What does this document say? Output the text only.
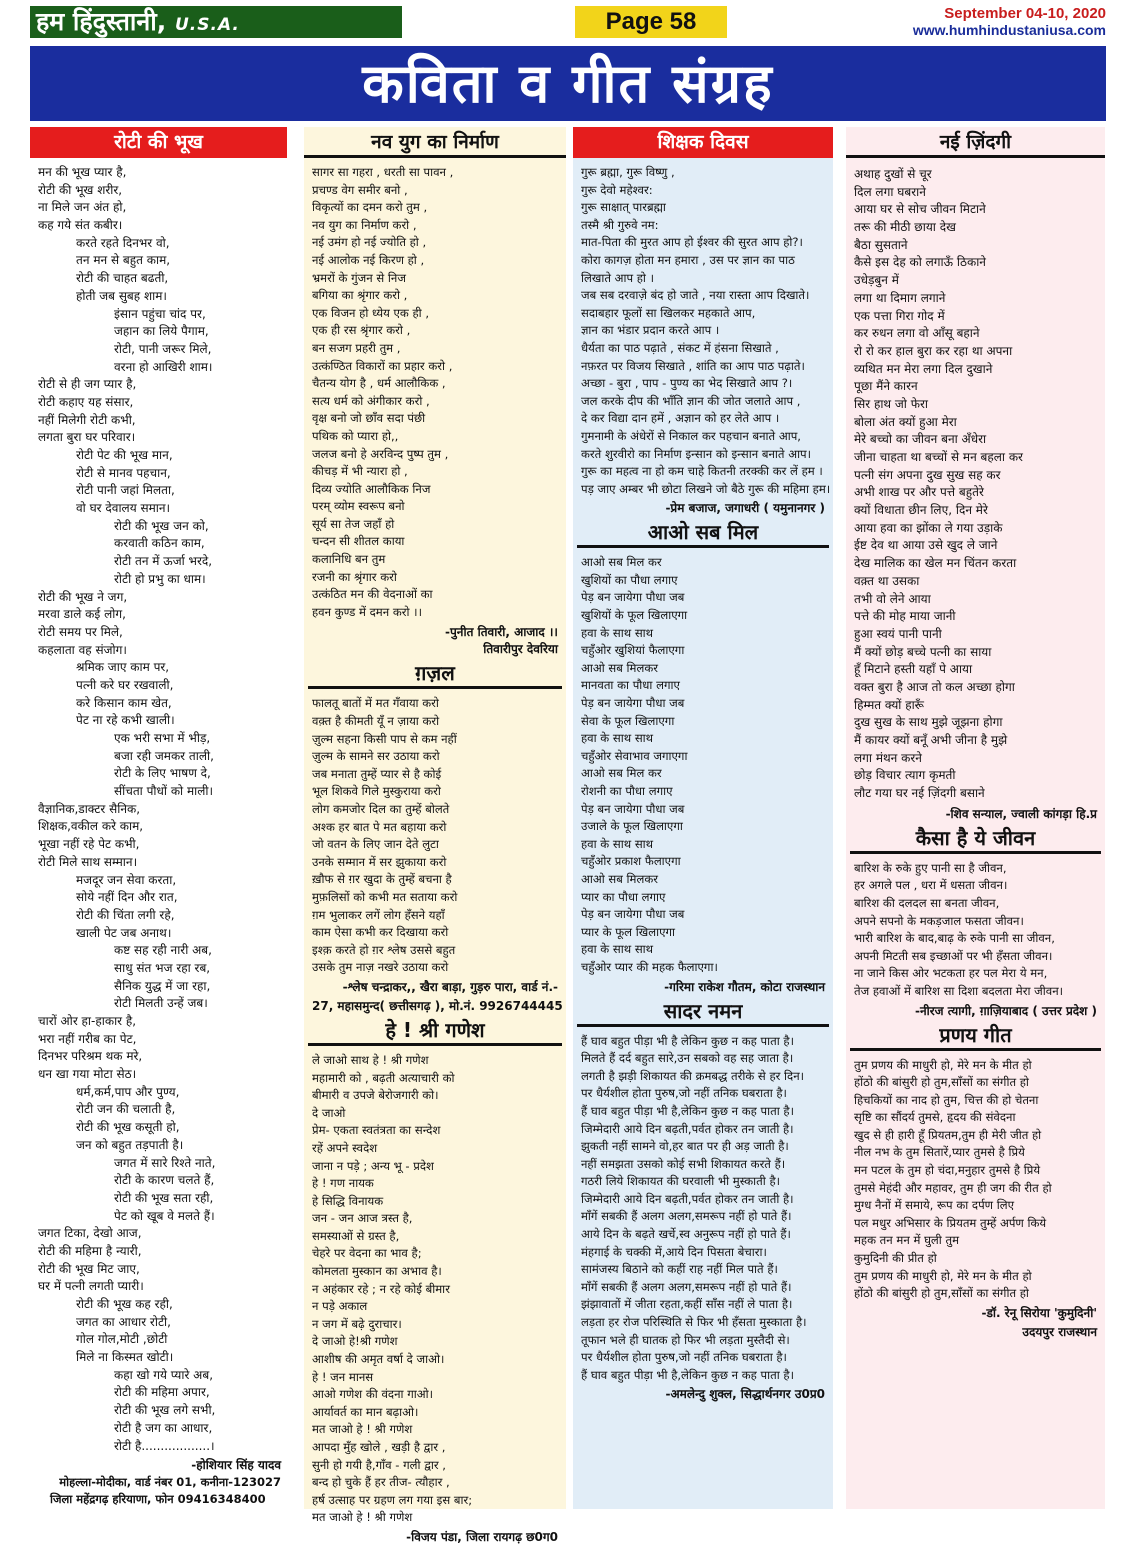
हम हिंदुस्तानी, U.S.A.	Page 58	September 04-10, 2020
www.humhindustaniusa.com
कविता व गीत संग्रह
रोटी की भूख
मन की भूख प्यार है,
रोटी की भूख शरीर,
ना मिले जन अंत हो,
कह गये संत कबीर।
करते रहते दिनभर वो,
तन मन से बहुत काम,
रोटी की चाहत बढती,
होती जब सुबह शाम।
इंसान पहुंचा चांद पर,
जहान का लिये पैगाम,
रोटी, पानी जरूर मिले,
वरना हो आखिरी शाम।
रोटी से ही जग प्यार है,
रोटी कहाए यह संसार,
नहीं मिलेगी रोटी कभी,
लगता बुरा घर परिवार।
रोटी पेट की भूख मान,
रोटी से मानव पहचान,
रोटी पानी जहां मिलता,
वो घर देवालय समान।
रोटी की भूख जन को,
करवाती कठिन काम,
रोटी तन में ऊर्जा भरदे,
रोटी हो प्रभु का धाम।
रोटी की भूख ने जग,
मरवा डाले कई लोग,
रोटी समय पर मिले,
कहलाता वह संजोग।
श्रमिक जाए काम पर,
पत्नी करे घर रखवाली,
करे किसान काम खेत,
पेट ना रहे कभी खाली।
एक भरी सभा में भीड़,
बजा रही जमकर ताली,
रोटी के लिए भाषण दे,
सींचता पौधों को माली।
वैज्ञानिक,डाक्टर सैनिक,
शिक्षक,वकील करे काम,
भूखा नहीं रहे पेट कभी,
रोटी मिले साथ सम्मान।
मजदूर जन सेवा करता,
सोये नहीं दिन और रात,
रोटी की चिंता लगी रहे,
खाली पेट जब अनाथ।
कष्ट सह रही नारी अब,
साधु संत भज रहा रब,
सैनिक युद्ध में जा रहा,
रोटी मिलती उन्हें जब।
चारों ओर हा-हाकार है,
भरा नहीं गरीब का पेट,
दिनभर परिश्रम थक मरे,
धन खा गया मोटा सेठ।
धर्म,कर्म,पाप और पुण्य,
रोटी जन की चलाती है,
रोटी की भूख कसूती हो,
जन को बहुत तड़पाती है।
जगत में सारे रिश्ते नाते,
रोटी के कारण चलते हैं,
रोटी की भूख सता रही,
पेट को खूब वे मलते हैं।
जगत टिका, देखो आज,
रोटी की महिमा है न्यारी,
रोटी की भूख मिट जाए,
घर में पत्नी लगती प्यारी।
रोटी की भूख कह रही,
जगत का आधार रोटी,
गोल गोल,मोटी ,छोटी
मिले ना किस्मत खोटी।
कहा खो गये प्यारे अब,
रोटी की महिमा अपार,
रोटी की भूख लगे सभी,
रोटी है जग का आधार,
रोटी है..................।
-होशियार सिंह यादव
मोहल्ला-मोदीका, वार्ड नंबर 01, कनीना-123027
जिला महेंद्रगढ़ हरियाणा, फोन 09416348400
नव युग का निर्माण
सागर सा गहरा , धरती सा पावन ,
प्रचण्ड वेग समीर बनो ,
विकृत्यों का दमन करो तुम ,
नव युग का निर्माण करो ,
नई उमंग हो नई ज्योति हो ,
नई आलोक नई किरण हो ,
भ्रमरों के गुंजन से निज
बगिया का श्रृंगार करो ,
एक विजन हो ध्येय एक ही ,
एक ही रस श्रृंगार करो ,
बन सजग प्रहरी तुम ,
उत्कंण्ठित विकारों का प्रहार करो ,
चैतन्य योग है , धर्म आलौकिक ,
सत्य धर्म को अंगीकार करो ,
वृक्ष बनो जो छाँव सदा पंछी
पथिक को प्यारा हो,,
जलज बनो हे अरविन्द पुष्प तुम ,
कीचड़ में भी न्यारा हो ,
दिव्य ज्योति आलौकिक निज
परम् व्योम स्वरूप बनो
सूर्य सा तेज जहाँ हो
चन्दन सी शीतल काया
कलानिधि बन तुम
रजनी का श्रृंगार करो
उत्कंठित मन की वेदनाओं का
हवन कुण्ड में दमन करो ।।
-पुनीत तिवारी, आजाद ।।
तिवारीपुर देवरिया
ग़ज़ल
फालतू बातों में मत गँवाया करो
वक़्त है कीमती यूँ न ज़ाया करो
ज़ुल्म सहना किसी पाप से कम नहीं
ज़ुल्म के सामने सर उठाया करो
जब मनाता तुम्हें प्यार से है कोई
भूल शिकवे गिले मुस्कुराया करो
लोग कमजोर दिल का तुम्हें बोलते
अश्क हर बात पे मत बहाया करो
जो वतन के लिए जान देते लुटा
उनके सम्मान में सर झुकाया करो
ख़ौफ से ग़र खुदा के तुम्हें बचना है
मुफ़लिसों को कभी मत सताया करो
ग़म भुलाकर लगें लोग हँसने यहाँ
काम ऐसा कभी कर दिखाया करो
इश्क़ करते हो ग़र श्लेष उससे बहुत
उसके तुम नाज़ नखरे उठाया करो
-श्लेष चन्द्राकर,, खैरा बाड़ा, गुड़रु पारा, वार्ड नं.-
27, महासमुन्द( छत्तीसगढ़ ), मो.नं. 9926744445
हे ! श्री गणेश
ले जाओ साथ हे ! श्री गणेश
महामारी को , बढ़ती अत्याचारी को
बीमारी व उपजे बेरोजगारी को।
दे जाओ
प्रेम- एकता स्वतंत्रता का सन्देश
रहें अपने स्वदेश
जाना न पड़े ; अन्य भू - प्रदेश
हे ! गण नायक
हे सिद्धि विनायक
जन - जन आज त्रस्त है,
समस्याओं से ग्रस्त है,
चेहरे पर वेदना का भाव है;
कोमलता मुस्कान का अभाव है।
न अहंकार रहे ; न रहे कोई बीमार
न पड़े अकाल
न जग में बढ़े दुराचार।
दे जाओ हे!श्री गणेश
आशीष की अमृत वर्षा दे जाओ।
हे ! जन मानस
आओ गणेश की वंदना गाओ।
आर्यावर्त का मान बढ़ाओ।
मत जाओ हे ! श्री गणेश
आपदा मुँह खोले , खड़ी है द्वार ,
सुनी हो गयी है,गाँव - गली द्वार ,
बन्द हो चुके हैं हर तीज- त्यौहार ,
हर्ष उत्साह पर ग्रहण लग गया इस बार;
मत जाओ हे ! श्री गणेश
-विजय पंडा, जिला रायगढ़ छ0ग0
शिक्षक दिवस
गुरू ब्रह्मा, गुरू विष्णु ,
गुरू देवो महेश्वर:
गुरू साक्षात् पारब्रह्मा
तस्मै श्री गुरुवे नम:
मात-पिता की मुरत आप हो ईश्वर की सुरत आप हो?।
कोरा कागज़ होता मन हमारा , उस पर ज्ञान का पाठ
लिखाते आप हो ।
जब सब दरवाज़े बंद हो जाते , नया रास्ता आप दिखाते।
सदाबहार फूलों सा खिलकर महकाते आप,
ज्ञान का भंडार प्रदान करते आप ।
धैर्यता का पाठ पढ़ाते , संकट में हंसना सिखाते ,
नफ़रत पर विजय सिखाते , शांति का आप पाठ पढ़ाते।
अच्छा - बुरा , पाप - पुण्य का भेद सिखाते आप ?।
जल करके दीप की भाँति ज्ञान की जोत जलाते आप ,
दे कर विद्या दान हमें , अज्ञान को हर लेते आप ।
गुमनामी के अंधेरों से निकाल कर पहचान बनाते आप,
करते शुरवीरो का निर्माण इन्सान को इन्सान बनाते आप।
गुरू का महत्व ना हो कम चाहे कितनी तरक्की कर लें हम ।
पड़ जाए अम्बर भी छोटा लिखने जो बैठे गुरू की महिमा हम।
-प्रेम बजाज, जगाधरी ( यमुनानगर )
आओ सब मिल
आओ सब मिल कर
खुशियों का पौधा लगाए
पेड़ बन जायेगा पौधा जब
खुशियों के फूल खिलाएगा
हवा के साथ साथ
चहुँओर खुशियां फैलाएगा
आओ सब मिलकर
मानवता का पौधा लगाए
पेड़ बन जायेगा पौधा जब
सेवा के फूल खिलाएगा
हवा के साथ साथ
चहुँओर सेवाभाव जगाएगा
आओ सब मिल कर
रोशनी का पौधा लगाए
पेड़ बन जायेगा पौधा जब
उजाले के फूल खिलाएगा
हवा के साथ साथ
चहुँओर प्रकाश फैलाएगा
आओ सब मिलकर
प्यार का पौधा लगाए
पेड़ बन जायेगा पौधा जब
प्यार के फूल खिलाएगा
हवा के साथ साथ
चहुँओर प्यार की महक फैलाएगा।
-गरिमा राकेश गौतम, कोटा राजस्थान
सादर नमन
हैं घाव बहुत पीड़ा भी है लेकिन कुछ न कह पाता है।
मिलते हैं दर्द बहुत सारे,उन सबको वह सह जाता है।
लगती है झड़ी शिकायत की क्रमबद्ध तरीके से हर दिन।
पर धैर्यशील होता पुरुष,जो नहीं तनिक घबराता है।
हैं घाव बहुत पीड़ा भी है,लेकिन कुछ न कह पाता है।
जिम्मेदारी आये दिन बढ़ती,पर्वत होकर तन जाती है।
झुकती नहीं सामने वो,हर बात पर ही अड़ जाती है।
नहीं समझता उसको कोई सभी शिकायत करते हैं।
गठरी लिये शिकायत की घरवाली भी मुस्काती है।
जिम्मेदारी आये दिन बढ़ती,पर्वत होकर तन जाती है।
माँगें सबकी हैं अलग अलग,समरूप नहीं हो पाते हैं।
आये दिन के बढ़ते खर्चे,स्व अनुरूप नहीं हो पाते हैं।
मंहगाई के चक्की में,आये दिन पिसता बेचारा।
सामंजस्य बिठाने को कहीं राह नहीं मिल पाते हैं।
माँगें सबकी हैं अलग अलग,समरूप नहीं हो पाते हैं।
झंझावातों में जीता रहता,कहीं साँस नहीं ले पाता है।
लड़ता हर रोज परिस्थिति से फिर भी हँसता मुस्काता है।
तूफान भले ही घातक हो फिर भी लड़ता मुस्तैदी से।
पर धैर्यशील होता पुरुष,जो नहीं तनिक घबराता है।
हैं घाव बहुत पीड़ा भी है,लेकिन कुछ न कह पाता है।
-अमलेन्दु शुक्ल, सिद्धार्थनगर उ0प्र0
नई ज़िंदगी
अथाह दुखों से चूर
दिल लगा घबराने
आया घर से सोच जीवन मिटाने
तरू की मीठी छाया देख
बैठा सुसताने
कैसे इस देह को लगाऊँ ठिकाने
उधेड़बुन में
लगा था दिमाग लगाने
एक पत्ता गिरा गोद में
कर रुधन लगा वो आँसू बहाने
रो रो कर हाल बुरा कर रहा था अपना
व्यथित मन मेरा लगा दिल दुखाने
पूछा मैंने कारन
सिर हाथ जो फेरा
बोला अंत क्यों हुआ मेरा
मेरे बच्चो का जीवन बना अँधेरा
जीना चाहता था बच्चों से मन बहला कर
पत्नी संग अपना दुख सुख सह कर
अभी शाख पर और पत्ते बहुतेरे
क्यों विधाता छीन लिए, दिन मेरे
आया हवा का झोंका ले गया उड़ाके
ईष्ट देव था आया उसे खुद ले जाने
देख मालिक का खेल मन चिंतन करता
वक़्त था उसका
तभी वो लेने आया
पत्ते की मोह माया जानी
हुआ स्वयं पानी पानी
मैं क्यों छोड़ बच्चे पत्नी का साया
हूँ मिटाने हस्ती यहाँ पे आया
वक्त बुरा है आज तो कल अच्छा होगा
हिम्मत क्यों हारूँ
दुख सुख के साथ मुझे जूझना होगा
मैं कायर क्यों बनूँ अभी जीना है मुझे
लगा मंथन करने
छोड़ विचार त्याग कृमती
लौट गया घर नई ज़िंदगी बसाने
-शिव सन्याल, ज्वाली कांगड़ा हि.प्र
कैसा है ये जीवन
बारिश के रुके हुए पानी सा है जीवन,
हर अगले पल , धरा में धसता जीवन।
बारिश की दलदल सा बनता जीवन,
अपने सपनो के मकड़जाल फसता जीवन।
भारी बारिश के बाद,बाढ़ के रुके पानी सा जीवन,
अपनी मिटती सब इच्छाओं पर भी हँसता जीवन।
ना जाने किस ओर भटकता हर पल मेरा ये मन,
तेज हवाओं में बारिश सा दिशा बदलता मेरा जीवन।
-नीरज त्यागी, ग़ाज़ियाबाद ( उत्तर प्रदेश )
प्रणय गीत
तुम प्रणय की माधुरी हो, मेरे मन के मीत हो
होंठो की बांसुरी हो तुम,साँसों का संगीत हो
हिचकियों का नाद हो तुम, चित्त की हो चेतना
सृष्टि का सौंदर्य तुमसे, हृदय की संवेदना
खुद से ही हारी हूँ प्रियतम,तुम ही मेरी जीत हो
नील नभ के तुम सितारें,प्यार तुमसे है प्रिये
मन पटल के तुम हो चंदा,मनुहार तुमसे है प्रिये
तुमसे मेहंदी और महावर, तुम ही जग की रीत हो
मुग्ध नैनों में समाये, रूप का दर्पण लिए
पल मधुर अभिसार के प्रियतम तुम्हें अर्पण किये
महक तन मन में घुली तुम
कुमुदिनी की प्रीत हो
तुम प्रणय की माधुरी हो, मेरे मन के मीत हो
होंठो की बांसुरी हो तुम,साँसों का संगीत हो
-डॉ. रेनू सिरोया 'कुमुदिनी'
उदयपुर राजस्थान
